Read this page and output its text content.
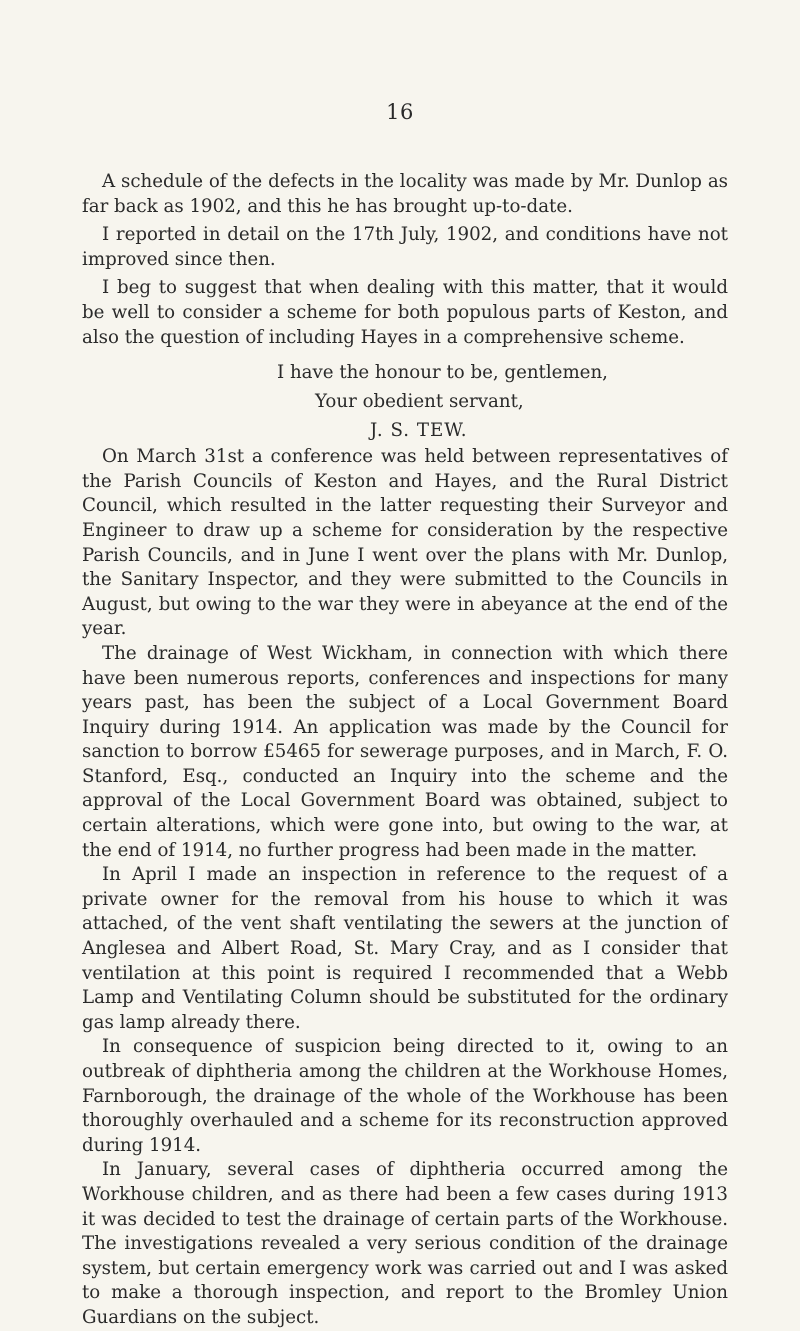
16

A schedule of the defects in the locality was made by Mr. Dunlop as far back as 1902, and this he has brought up-to-date.

I reported in detail on the 17th July, 1902, and conditions have not improved since then.

I beg to suggest that when dealing with this matter, that it would be well to consider a scheme for both populous parts of Keston, and also the question of including Hayes in a comprehensive scheme.

I have the honour to be, gentlemen,
Your obedient servant,
J. S. TEW.

On March 31st a conference was held between representatives of the Parish Councils of Keston and Hayes, and the Rural District Council, which resulted in the latter requesting their Surveyor and Engineer to draw up a scheme for consideration by the respective Parish Councils, and in June I went over the plans with Mr. Dunlop, the Sanitary Inspector, and they were submitted to the Councils in August, but owing to the war they were in abeyance at the end of the year.

The drainage of West Wickham, in connection with which there have been numerous reports, conferences and inspections for many years past, has been the subject of a Local Government Board Inquiry during 1914. An application was made by the Council for sanction to borrow £5465 for sewerage purposes, and in March, F. O. Stanford, Esq., conducted an Inquiry into the scheme and the approval of the Local Government Board was obtained, subject to certain alterations, which were gone into, but owing to the war, at the end of 1914, no further progress had been made in the matter.

In April I made an inspection in reference to the request of a private owner for the removal from his house to which it was attached, of the vent shaft ventilating the sewers at the junction of Anglesea and Albert Road, St. Mary Cray, and as I consider that ventilation at this point is required I recommended that a Webb Lamp and Ventilating Column should be substituted for the ordinary gas lamp already there.

In consequence of suspicion being directed to it, owing to an outbreak of diphtheria among the children at the Workhouse Homes, Farnborough, the drainage of the whole of the Workhouse has been thoroughly overhauled and a scheme for its reconstruction approved during 1914.

In January, several cases of diphtheria occurred among the Workhouse children, and as there had been a few cases during 1913 it was decided to test the drainage of certain parts of the Workhouse. The investigations revealed a very serious condition of the drainage system, but certain emergency work was carried out and I was asked to make a thorough inspection, and report to the Bromley Union Guardians on the subject.
